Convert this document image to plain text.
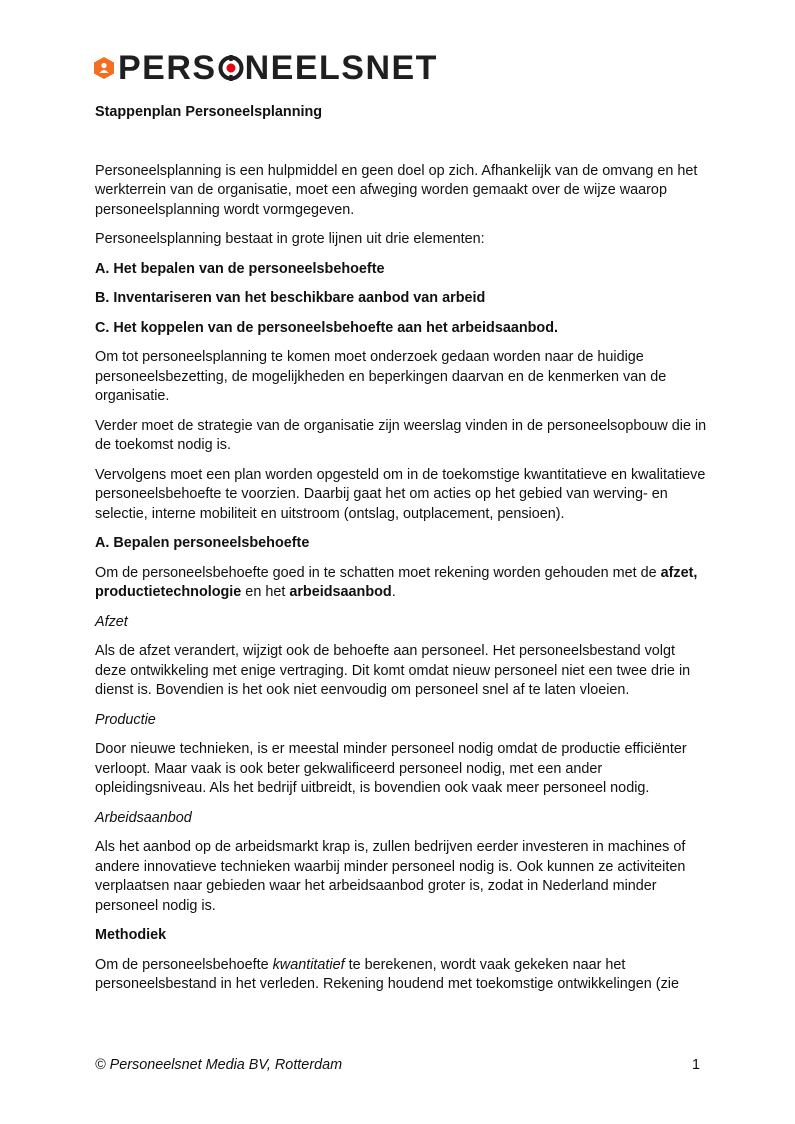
PERS NEELSNET

Stappenplan Personeelsplanning

Personeelsplanning is een hulpmiddel en geen doel op zich. Afhankelijk van de omvang en het werkterrein van de organisatie, moet een afweging worden gemaakt over de wijze waarop personeelsplanning wordt vormgegeven.

Personeelsplanning bestaat in grote lijnen uit drie elementen:

A. Het bepalen van de personeelsbehoefte

B. Inventariseren van het beschikbare aanbod van arbeid

C. Het koppelen van de personeelsbehoefte aan het arbeidsaanbod.

Om tot personeelsplanning te komen moet onderzoek gedaan worden naar de huidige personeelsbezetting, de mogelijkheden en beperkingen daarvan en de kenmerken van de organisatie.

Verder moet de strategie van de organisatie zijn weerslag vinden in de personeelsopbouw die in de toekomst nodig is.

Vervolgens moet een plan worden opgesteld om in de toekomstige kwantitatieve en kwalitatieve personeelsbehoefte te voorzien. Daarbij gaat het om acties op het gebied van werving- en selectie, interne mobiliteit en uitstroom (ontslag, outplacement, pensioen).

A. Bepalen personeelsbehoefte

Om de personeelsbehoefte goed in te schatten moet rekening worden gehouden met de afzet, productietechnologie en het arbeidsaanbod.

Afzet

Als de afzet verandert, wijzigt ook de behoefte aan personeel. Het personeelsbestand volgt deze ontwikkeling met enige vertraging. Dit komt omdat nieuw personeel niet een twee drie in dienst is. Bovendien is het ook niet eenvoudig om personeel snel af te laten vloeien.

Productie

Door nieuwe technieken, is er meestal minder personeel nodig omdat de productie efficiënter verloopt. Maar vaak is ook beter gekwalificeerd personeel nodig, met een ander opleidingsniveau. Als het bedrijf uitbreidt, is bovendien ook vaak meer personeel nodig.

Arbeidsaanbod

Als het aanbod op de arbeidsmarkt krap is, zullen bedrijven eerder investeren in machines of andere innovatieve technieken waarbij minder personeel nodig is. Ook kunnen ze activiteiten verplaatsen naar gebieden waar het arbeidsaanbod groter is, zodat in Nederland minder personeel nodig is.

Methodiek

Om de personeelsbehoefte kwantitatief te berekenen, wordt vaak gekeken naar het personeelsbestand in het verleden. Rekening houdend met toekomstige ontwikkelingen (zie

© Personeelsnet Media BV, Rotterdam	1
